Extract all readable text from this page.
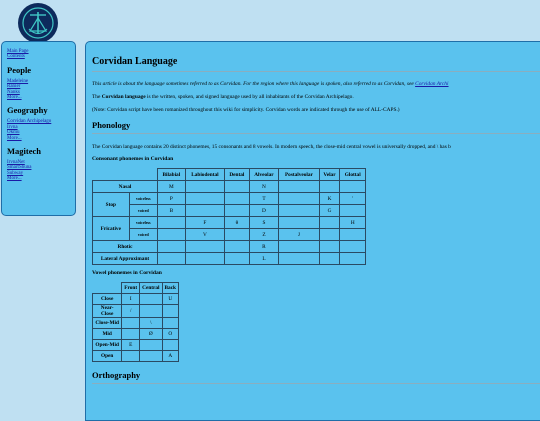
Main Page
Contents
People
Madeleine
Ranier
Nanks
More...
Geography
Corvidan Archipelago
Irvna
Okmu
More...
Magitech
IrvnaNet
SmartShuna
Subway
More...
Corvidan Language

This article is about the language sometimes referred to as Corvidan. For the region where this language is spoken, also referred to as Corvidan, see Corvidan Archi

The Corvidan language is the written, spoken, and signed language used by all inhabitants of the Corvidan Archipelago.

(Note: Corvidan script have been romanized throughout this wiki for simplicity. Corvidan words are indicated through the use of ALL-CAPS.)

Phonology

The Corvidan language contains 20 distinct phonemes, 15 consonants and 8 vowels. In modern speech, the close-mid central vowel is universally dropped, and \ has b

Consonant phonemes in Corvidan
		Bilabial	Labiodental	Dental	Alveolar	Postalveolar	Velar	Glottal
Nasal		M			N			
Stop	voiceless	P			T		K	'
	voiced	B			D		G	
Fricative	voiceless		F	θ	S			H
	voiced		V		Z	J		
Rhotic					R			
Lateral Approximant					L			
Vowel phonemes in Corvidan
	Front	Central	Back
Close	I		U
Near-Close	/		
Close-Mid		\	
Mid		Ø	O
Open-Mid	E		
Open			A
Orthography
